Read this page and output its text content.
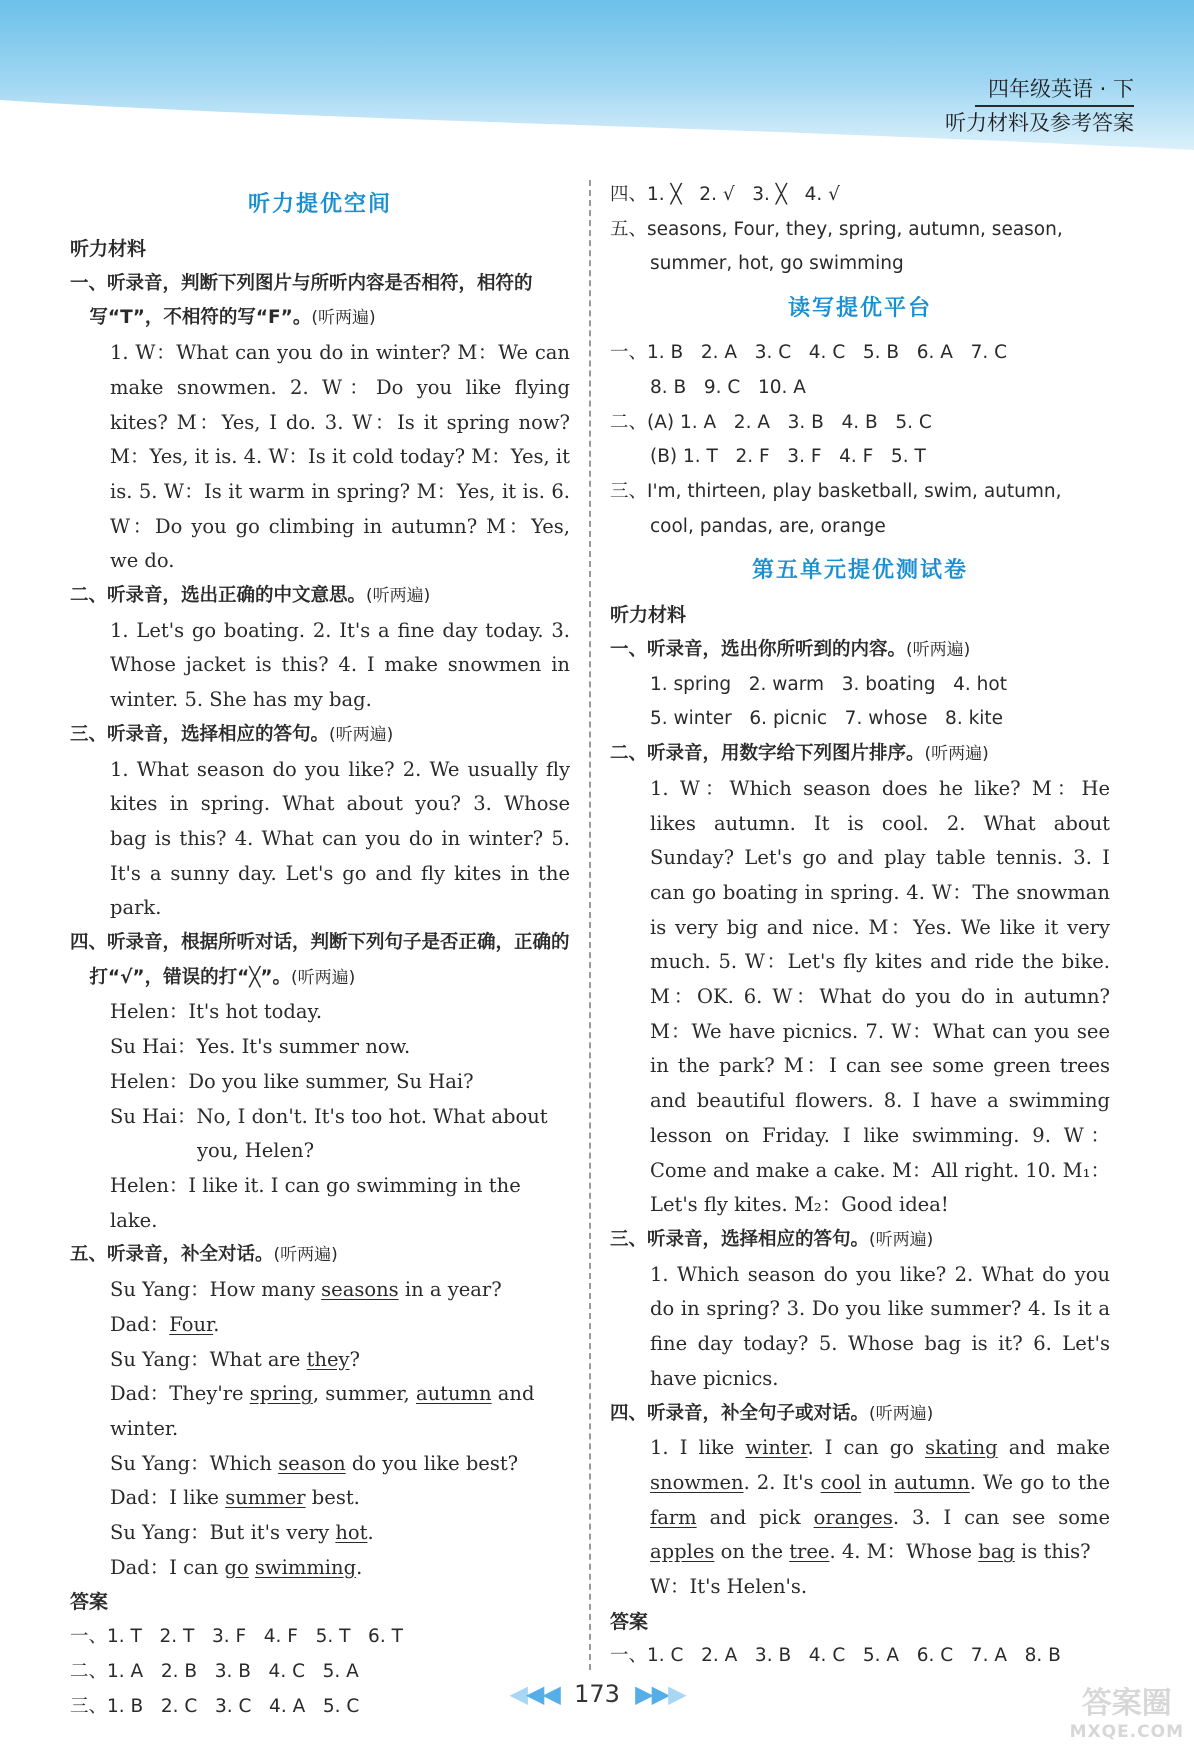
四年级英语 · 下
听力材料及参考答案
听力提优空间
听力材料
一、听录音，判断下列图片与所听内容是否相符，相符的写“T”，不相符的写“F”。(听两遍)
1. W：What can you do in winter? M：We can make snowmen. 2. W：Do you like flying kites? M：Yes, I do. 3. W：Is it spring now? M：Yes, it is. 4. W：Is it cold today? M：Yes, it is. 5. W：Is it warm in spring? M：Yes, it is. 6. W：Do you go climbing in autumn? M：Yes, we do.
二、听录音，选出正确的中文意思。(听两遍)
1. Let's go boating. 2. It's a fine day today. 3. Whose jacket is this? 4. I make snowmen in winter. 5. She has my bag.
三、听录音，选择相应的答句。(听两遍)
1. What season do you like? 2. We usually fly kites in spring. What about you? 3. Whose bag is this? 4. What can you do in winter? 5. It's a sunny day. Let's go and fly kites in the park.
四、听录音，根据所听对话，判断下列句子是否正确，正确的打“√”，错误的打“╳”。(听两遍)
Helen：It's hot today.
Su Hai：Yes. It's summer now.
Helen：Do you like summer, Su Hai?
Su Hai：No, I don't. It's too hot. What about
you, Helen?
Helen：I like it. I can go swimming in the lake.
五、听录音，补全对话。(听两遍)
Su Yang：How many seasons in a year?
Dad：Four.
Su Yang：What are they?
Dad：They're spring, summer, autumn and winter.
Su Yang：Which season do you like best?
Dad：I like summer best.
Su Yang：But it's very hot.
Dad：I can go swimming.
答案
一、1. T   2. T   3. F   4. F   5. T   6. T
二、1. A   2. B   3. B   4. C   5. A
三、1. B   2. C   3. C   4. A   5. C
四、1. ╳   2. √   3. ╳   4. √
五、seasons, Four, they, spring, autumn, season,
summer, hot, go swimming
读写提优平台
一、1. B   2. A   3. C   4. C   5. B   6. A   7. C
8. B   9. C   10. A
二、(A) 1. A   2. A   3. B   4. B   5. C
(B) 1. T   2. F   3. F   4. F   5. T
三、I'm, thirteen, play basketball, swim, autumn,
cool, pandas, are, orange
第五单元提优测试卷
听力材料
一、听录音，选出你所听到的内容。(听两遍)
1. spring   2. warm   3. boating   4. hot
5. winter   6. picnic   7. whose   8. kite
二、听录音，用数字给下列图片排序。(听两遍)
1. W：Which season does he like? M：He likes autumn. It is cool. 2. What about Sunday? Let's go and play table tennis. 3. I can go boating in spring. 4. W：The snowman is very big and nice. M：Yes. We like it very much. 5. W：Let's fly kites and ride the bike. M：OK. 6. W：What do you do in autumn? M：We have picnics. 7. W：What can you see in the park? M：I can see some green trees and beautiful flowers. 8. I have a swimming lesson on Friday. I like swimming. 9. W：Come and make a cake. M：All right. 10. M₁：Let's fly kites. M₂：Good idea!
三、听录音，选择相应的答句。(听两遍)
1. Which season do you like? 2. What do you do in spring? 3. Do you like summer? 4. Is it a fine day today? 5. Whose bag is it? 6. Let's have picnics.
四、听录音，补全句子或对话。(听两遍)
1. I like winter. I can go skating and make snowmen. 2. It's cool in autumn. We go to the farm and pick oranges. 3. I can see some apples on the tree. 4. M：Whose bag is this?
W：It's Helen's.
答案
一、1. C   2. A   3. B   4. C   5. A   6. C   7. A   8. B
◀◀◀ 173 ▶▶▶	答案圈
MXQE.COM
